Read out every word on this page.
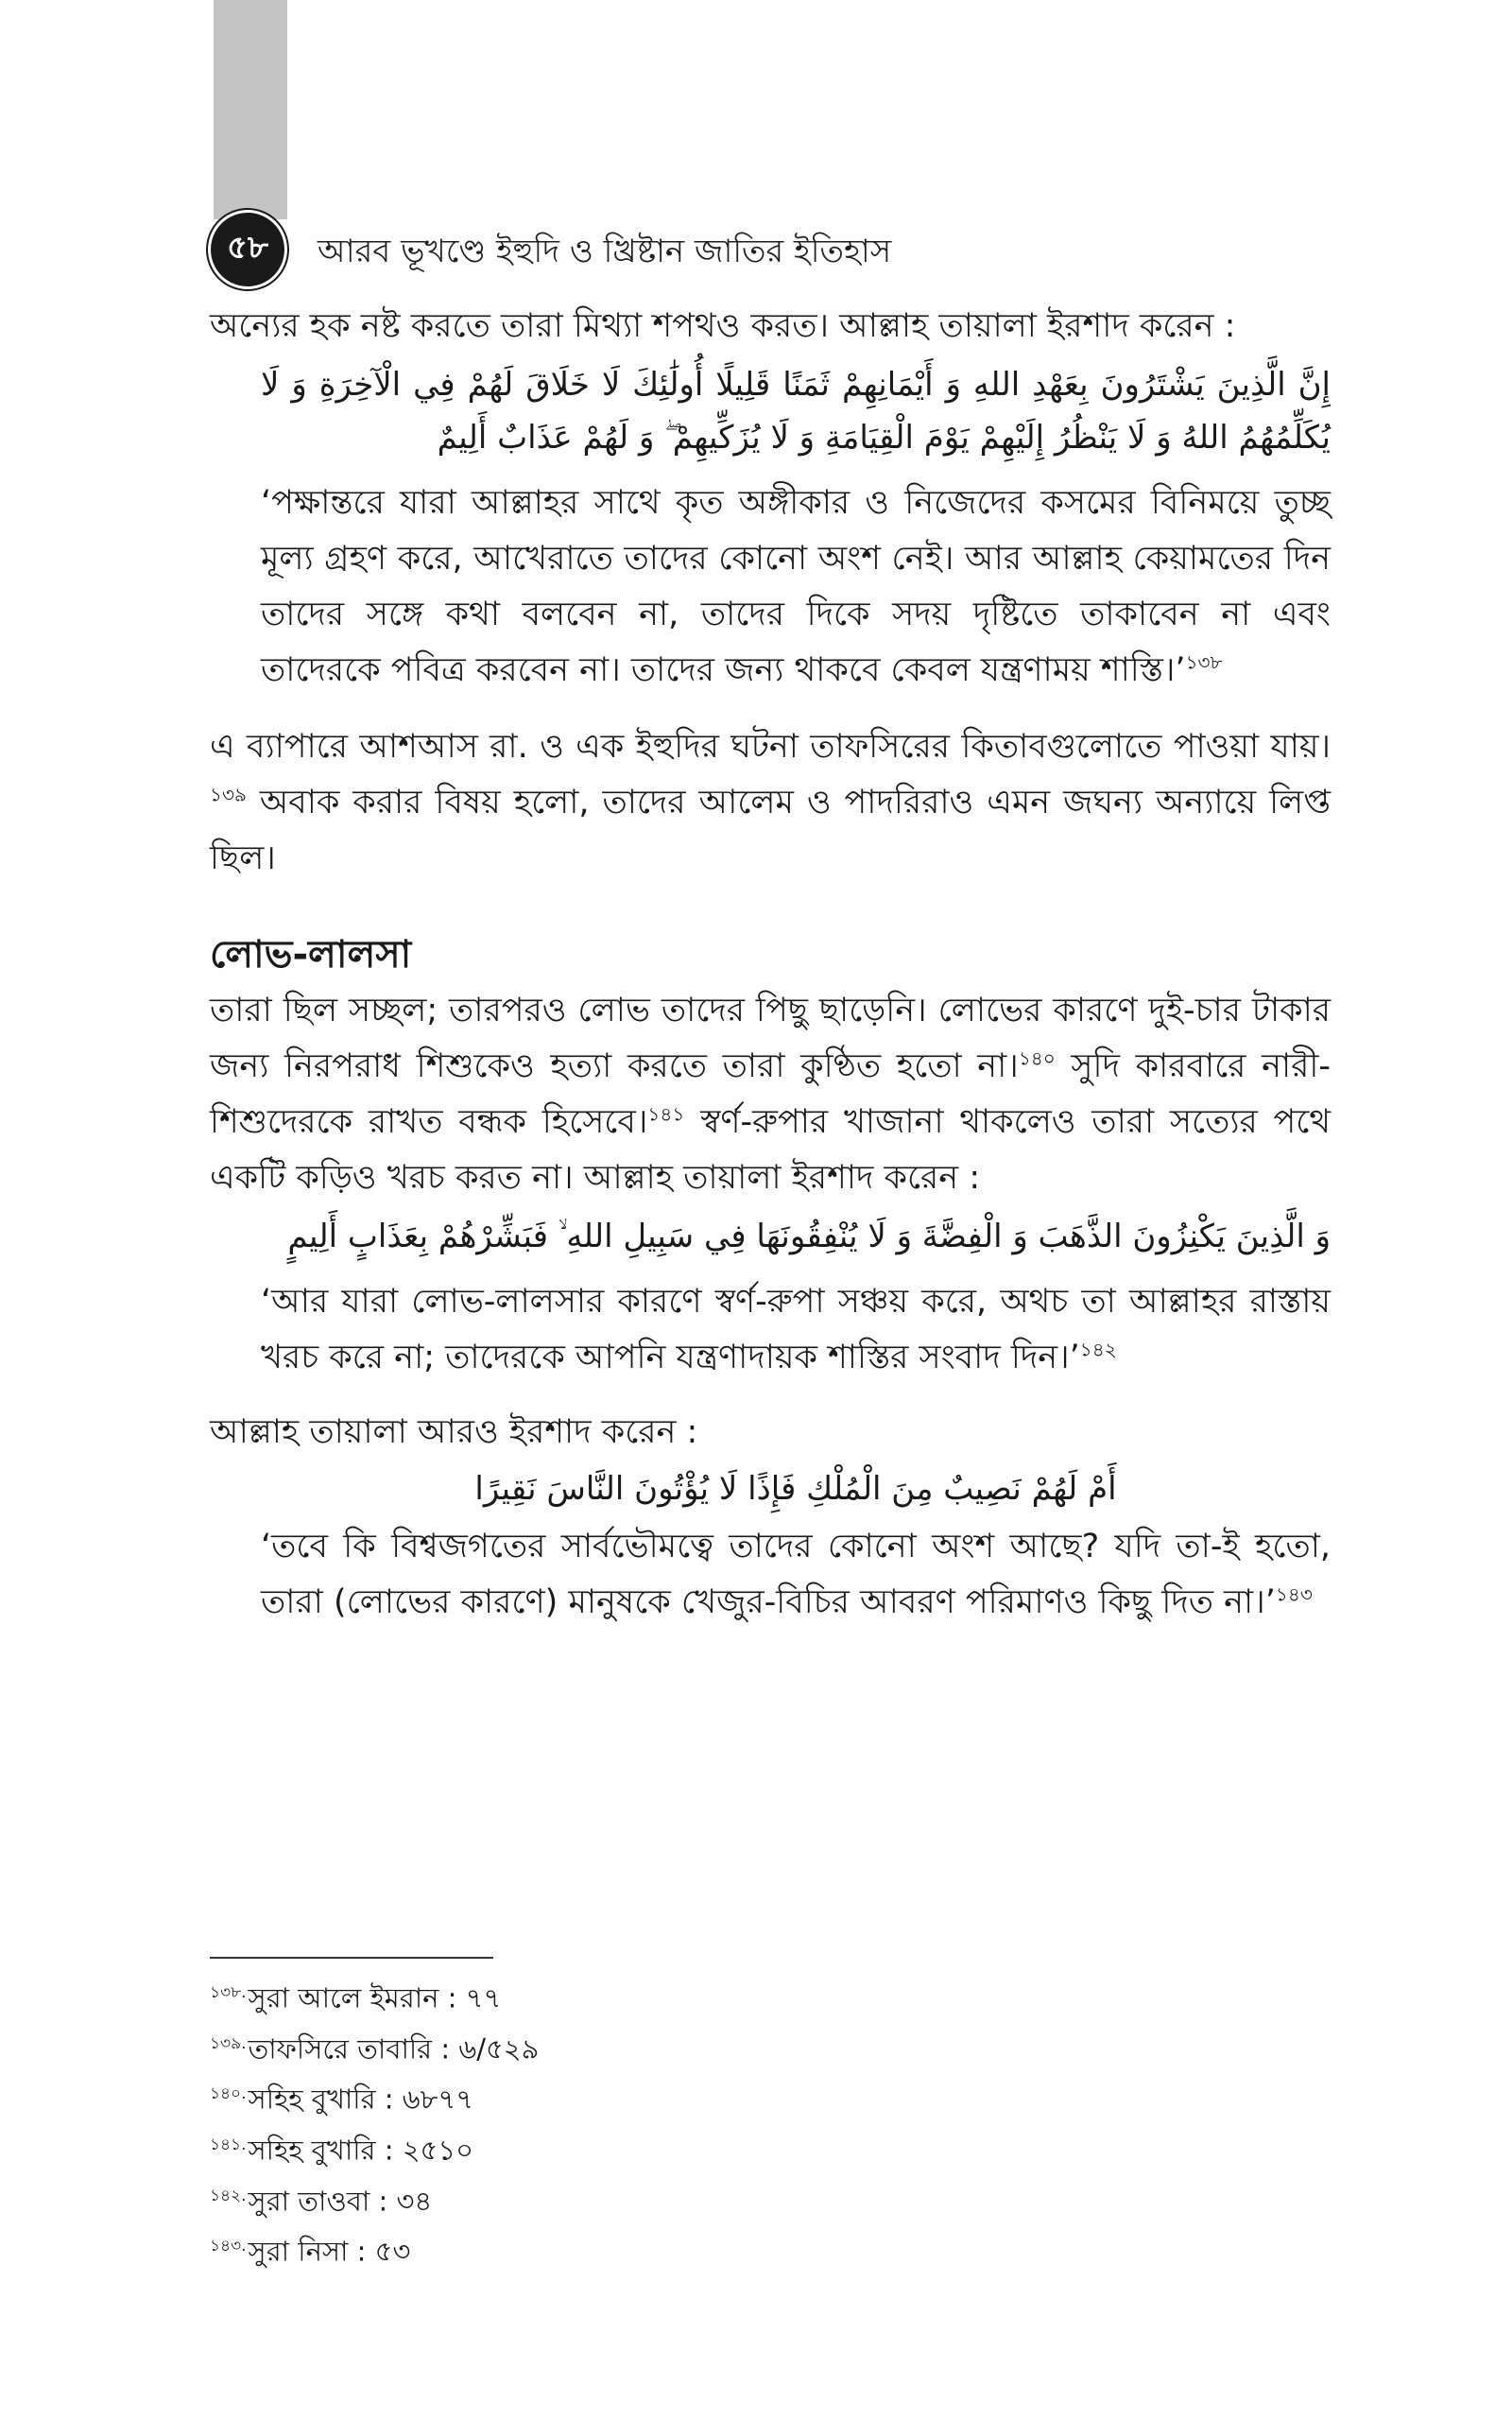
৫৮	আরব ভূখণ্ডে ইহুদি ও খ্রিষ্টান জাতির ইতিহাস

অন্যের হক নষ্ট করতে তারা মিথ্যা শপথও করত। আল্লাহ তায়ালা ইরশাদ করেন :

إِنَّ الَّذِينَ يَشْتَرُونَ بِعَهْدِ اللهِ وَ أَيْمَانِهِمْ ثَمَنًا قَلِيلًا أُولَٰئِكَ لَا خَلَاقَ لَهُمْ فِي الْآخِرَةِ وَ لَا يُكَلِّمُهُمُ اللهُ وَ لَا يَنْظُرُ إِلَيْهِمْ يَوْمَ الْقِيَامَةِ وَ لَا يُزَكِّيهِمْ ۖ وَ لَهُمْ عَذَابٌ أَلِيمٌ

‘পক্ষান্তরে যারা আল্লাহর সাথে কৃত অঙ্গীকার ও নিজেদের কসমের বিনিময়ে তুচ্ছ মূল্য গ্রহণ করে, আখেরাতে তাদের কোনো অংশ নেই। আর আল্লাহ কেয়ামতের দিন তাদের সঙ্গে কথা বলবেন না, তাদের দিকে সদয় দৃষ্টিতে তাকাবেন না এবং তাদেরকে পবিত্র করবেন না। তাদের জন্য থাকবে কেবল যন্ত্রণাময় শাস্তি।’$^{১৩৮}$

এ ব্যাপারে আশআস রা. ও এক ইহুদির ঘটনা তাফসিরের কিতাবগুলোতে পাওয়া যায়।$^{১৩৯}$ অবাক করার বিষয় হলো, তাদের আলেম ও পাদরিরাও এমন জঘন্য অন্যায়ে লিপ্ত ছিল।

লোভ-লালসা

তারা ছিল সচ্ছল; তারপরও লোভ তাদের পিছু ছাড়েনি। লোভের কারণে দুই-চার টাকার জন্য নিরপরাধ শিশুকেও হত্যা করতে তারা কুণ্ঠিত হতো না।$^{১৪০}$ সুদি কারবারে নারী-শিশুদেরকে রাখত বন্ধক হিসেবে।$^{১৪১}$ স্বর্ণ-রুপার খাজানা থাকলেও তারা সত্যের পথে একটি কড়িও খরচ করত না। আল্লাহ তায়ালা ইরশাদ করেন :

وَ الَّذِينَ يَكْنِزُونَ الذَّهَبَ وَ الْفِضَّةَ وَ لَا يُنْفِقُونَهَا فِي سَبِيلِ اللهِ ۙ فَبَشِّرْهُمْ بِعَذَابٍ أَلِيمٍ

‘আর যারা লোভ-লালসার কারণে স্বর্ণ-রুপা সঞ্চয় করে, অথচ তা আল্লাহর রাস্তায় খরচ করে না; তাদেরকে আপনি যন্ত্রণাদায়ক শাস্তির সংবাদ দিন।’$^{১৪২}$

আল্লাহ তায়ালা আরও ইরশাদ করেন :

أَمْ لَهُمْ نَصِيبٌ مِنَ الْمُلْكِ فَإِذًا لَا يُؤْتُونَ النَّاسَ نَقِيرًا

‘তবে কি বিশ্বজগতের সার্বভৌমত্বে তাদের কোনো অংশ আছে? যদি তা-ই হতো, তারা (লোভের কারণে) মানুষকে খেজুর-বিচির আবরণ পরিমাণও কিছু দিত না।’$^{১৪৩}$

$^{১৩৮.}$সুরা আলে ইমরান : ৭৭
$^{১৩৯.}$তাফসিরে তাবারি : ৬/৫২৯
$^{১৪০.}$সহিহ বুখারি : ৬৮৭৭
$^{১৪১.}$সহিহ বুখারি : ২৫১০
$^{১৪২.}$সুরা তাওবা : ৩৪
$^{১৪৩.}$সুরা নিসা : ৫৩
